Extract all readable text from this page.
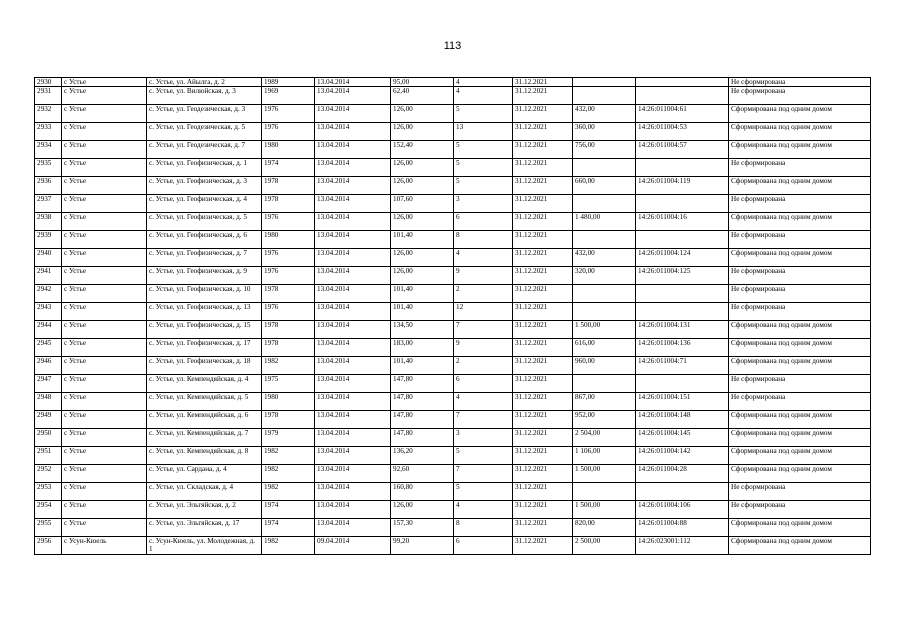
113
2930	с Устье	с. Устье, ул. Айылга, д. 2	1989	13.04.2014	95,00	4	31.12.2021			Не сформирована
2931	с Устье	с. Устье, ул. Вилюйская, д. 3	1969	13.04.2014	62,40	4	31.12.2021			Не сформирована
2932	с Устье	с. Устье, ул. Геодезическая, д. 3	1976	13.04.2014	126,00	5	31.12.2021	432,00	14:26:011004:61	Сформирована под одним домом
2933	с Устье	с. Устье, ул. Геодезическая, д. 5	1976	13.04.2014	126,00	13	31.12.2021	360,00	14:26:011004:53	Сформирована под одним домом
2934	с Устье	с. Устье, ул. Геодезическая, д. 7	1980	13.04.2014	152,40	5	31.12.2021	756,00	14:26:011004:57	Сформирована под одним домом
2935	с Устье	с. Устье, ул. Геофизическая, д. 1	1974	13.04.2014	126,00	5	31.12.2021			Не сформирована
2936	с Устье	с. Устье, ул. Геофизическая, д. 3	1978	13.04.2014	126,00	5	31.12.2021	660,00	14:26:011004:119	Сформирована под одним домом
2937	с Устье	с. Устье, ул. Геофизическая, д. 4	1978	13.04.2014	107,60	3	31.12.2021			Не сформирована
2938	с Устье	с. Устье, ул. Геофизическая, д. 5	1976	13.04.2014	126,00	6	31.12.2021	1 480,00	14:26:011004:16	Сформирована под одним домом
2939	с Устье	с. Устье, ул. Геофизическая, д. 6	1980	13.04.2014	101,40	8	31.12.2021			Не сформирована
2940	с Устье	с. Устье, ул. Геофизическая, д. 7	1976	13.04.2014	126,00	4	31.12.2021	432,00	14:26:011004:124	Сформирована под одним домом
2941	с Устье	с. Устье, ул. Геофизическая, д. 9	1976	13.04.2014	126,00	9	31.12.2021	320,00	14:26:011004:125	Не сформирована
2942	с Устье	с. Устье, ул. Геофизическая, д. 10	1978	13.04.2014	101,40	2	31.12.2021			Не сформирована
2943	с Устье	с. Устье, ул. Геофизическая, д. 13	1976	13.04.2014	101,40	12	31.12.2021			Не сформирована
2944	с Устье	с. Устье, ул. Геофизическая, д. 15	1978	13.04.2014	134,50	7	31.12.2021	1 500,00	14:26:011004:131	Сформирована под одним домом
2945	с Устье	с. Устье, ул. Геофизическая, д. 17	1978	13.04.2014	183,00	9	31.12.2021	616,00	14:26:011004:136	Сформирована под одним домом
2946	с Устье	с. Устье, ул. Геофизическая, д. 18	1982	13.04.2014	101,40	2	31.12.2021	960,00	14:26:011004:71	Сформирована под одним домом
2947	с Устье	с. Устье, ул. Кемпендяйская, д. 4	1975	13.04.2014	147,80	6	31.12.2021			Не сформирована
2948	с Устье	с. Устье, ул. Кемпендяйская, д. 5	1980	13.04.2014	147,80	4	31.12.2021	867,00	14:26:011004:151	Не сформирована
2949	с Устье	с. Устье, ул. Кемпендяйская, д. 6	1978	13.04.2014	147,80	7	31.12.2021	952,00	14:26:011004:148	Сформирована под одним домом
2950	с Устье	с. Устье, ул. Кемпендяйская, д. 7	1979	13.04.2014	147,80	3	31.12.2021	2 504,00	14:26:011004:145	Сформирована под одним домом
2951	с Устье	с. Устье, ул. Кемпендяйская, д. 8	1982	13.04.2014	136,20	5	31.12.2021	1 106,00	14:26:011004:142	Сформирована под одним домом
2952	с Устье	с. Устье, ул. Сардана, д. 4	1982	13.04.2014	92,60	7	31.12.2021	1 500,00	14:26:011004:28	Сформирована под одним домом
2953	с Устье	с. Устье, ул. Складская, д. 4	1982	13.04.2014	160,80	5	31.12.2021			Не сформирована
2954	с Устье	с. Устье, ул. Эльгяйская, д. 2	1974	13.04.2014	126,00	4	31.12.2021	1 500,00	14:26:011004:106	Не сформирована
2955	с Устье	с. Устье, ул. Эльгяйская, д. 17	1974	13.04.2014	157,30	8	31.12.2021	820,00	14:26:011004:88	Сформирована под одним домом
2956	с Усун-Кюель	с. Усун-Кюель, ул. Молодежная, д. 1	1982	09.04.2014	99,20	6	31.12.2021	2 500,00	14:26:023001:112	Сформирована под одним домом
